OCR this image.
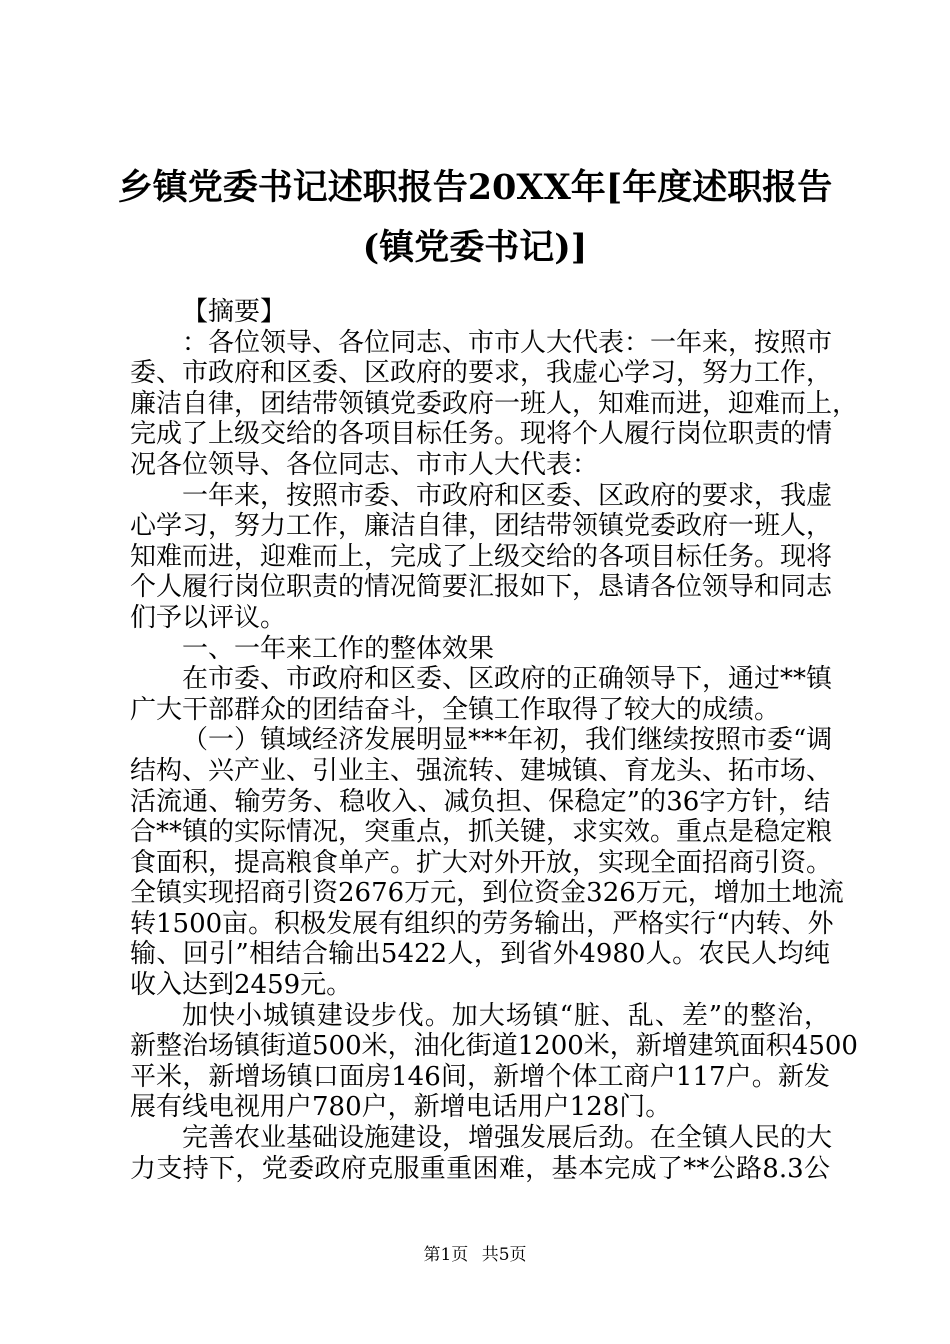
乡镇党委书记述职报告20XX年[年度述职报告
(镇党委书记)]
【摘要】
：各位领导、各位同志、市市人大代表：一年来，按照市
委、市政府和区委、区政府的要求，我虚心学习，努力工作，
廉洁自律，团结带领镇党委政府一班人，知难而进，迎难而上，
完成了上级交给的各项目标任务。现将个人履行岗位职责的情
况各位领导、各位同志、市市人大代表：
一年来，按照市委、市政府和区委、区政府的要求，我虚
心学习，努力工作，廉洁自律，团结带领镇党委政府一班人，
知难而进，迎难而上，完成了上级交给的各项目标任务。现将
个人履行岗位职责的情况简要汇报如下，恳请各位领导和同志
们予以评议。
一、一年来工作的整体效果
在市委、市政府和区委、区政府的正确领导下，通过**镇
广大干部群众的团结奋斗，全镇工作取得了较大的成绩。
（一）镇域经济发展明显***年初，我们继续按照市委“调
结构、兴产业、引业主、强流转、建城镇、育龙头、拓市场、
活流通、输劳务、稳收入、减负担、保稳定”的36字方针，结
合**镇的实际情况，突重点，抓关键，求实效。重点是稳定粮
食面积，提高粮食单产。扩大对外开放，实现全面招商引资。
全镇实现招商引资2676万元，到位资金326万元，增加土地流
转1500亩。积极发展有组织的劳务输出，严格实行“内转、外
输、回引”相结合输出5422人，到省外4980人。农民人均纯
收入达到2459元。
加快小城镇建设步伐。加大场镇“脏、乱、差”的整治，
新整治场镇街道500米，油化街道1200米，新增建筑面积4500
平米，新增场镇口面房146间，新增个体工商户117户。新发
展有线电视用户780户，新增电话用户128门。
完善农业基础设施建设，增强发展后劲。在全镇人民的大
力支持下，党委政府克服重重困难，基本完成了**公路8.3公
第1页 共5页
